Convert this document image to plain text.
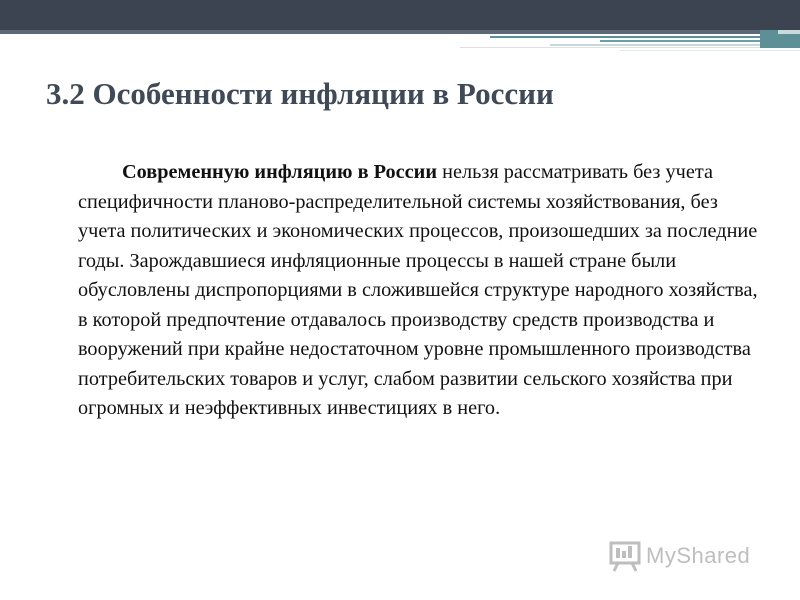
3.2 Особенности инфляции в России

Современную инфляцию в России нельзя рассматривать без учета специфичности планово-распределительной системы хозяйствования, без учета политических и экономических процессов, произошедших за последние годы. Зарождавшиеся инфляционные процессы в нашей стране были обусловлены диспропорциями в сложившейся структуре народного хозяйства, в которой предпочтение отдавалось производству средств производства и вооружений при крайне недостаточном уровне промышленного производства потребительских товаров и услуг, слабом развитии сельского хозяйства при огромных и неэффективных инвестициях в него.

MyShared
